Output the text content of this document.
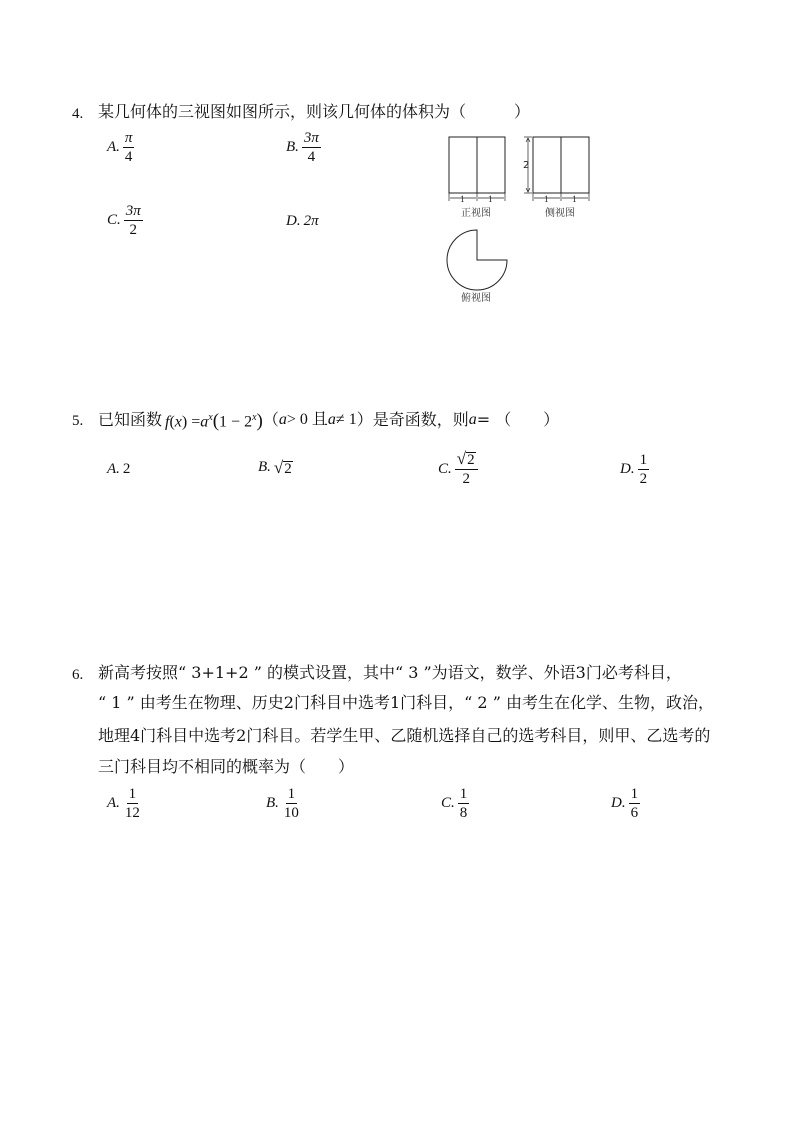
4. 某几何体的三视图如图所示，则该几何体的体积为（　　　）
A. $\frac{\pi}{4}$	B. $\frac{3\pi}{4}$
C. $\frac{3\pi}{2}$	D. 2π
2
1	1	1	1
正视图	侧视图
俯视图
5. 已知函数 $f(x) =a^x(1 - 2^x)$ （ a > 0 且 a ≠ 1 ）是奇函数，则 a = （　　）
A. 2	B. √ 2	C. $\frac{√ 2}{2}$	D. $\frac{1}{2}$
6. 新高考按照“ 3+1+2 ” 的模式设置，其中“ 3 ”为语文，数学、外语3门必考科目，
“ 1 ” 由考生在物理、历史2门科目中选考1门科目，“ 2 ” 由考生在化学、生物，政治，
地理4门科目中选考2门科目。若学生甲、乙随机选择自己的选考科目，则甲、乙选考的
三门科目均不相同的概率为（　　）
A. $\frac{1}{12}$	B. $\frac{1}{10}$	C. $\frac{1}{8}$	D. $\frac{1}{6}$
